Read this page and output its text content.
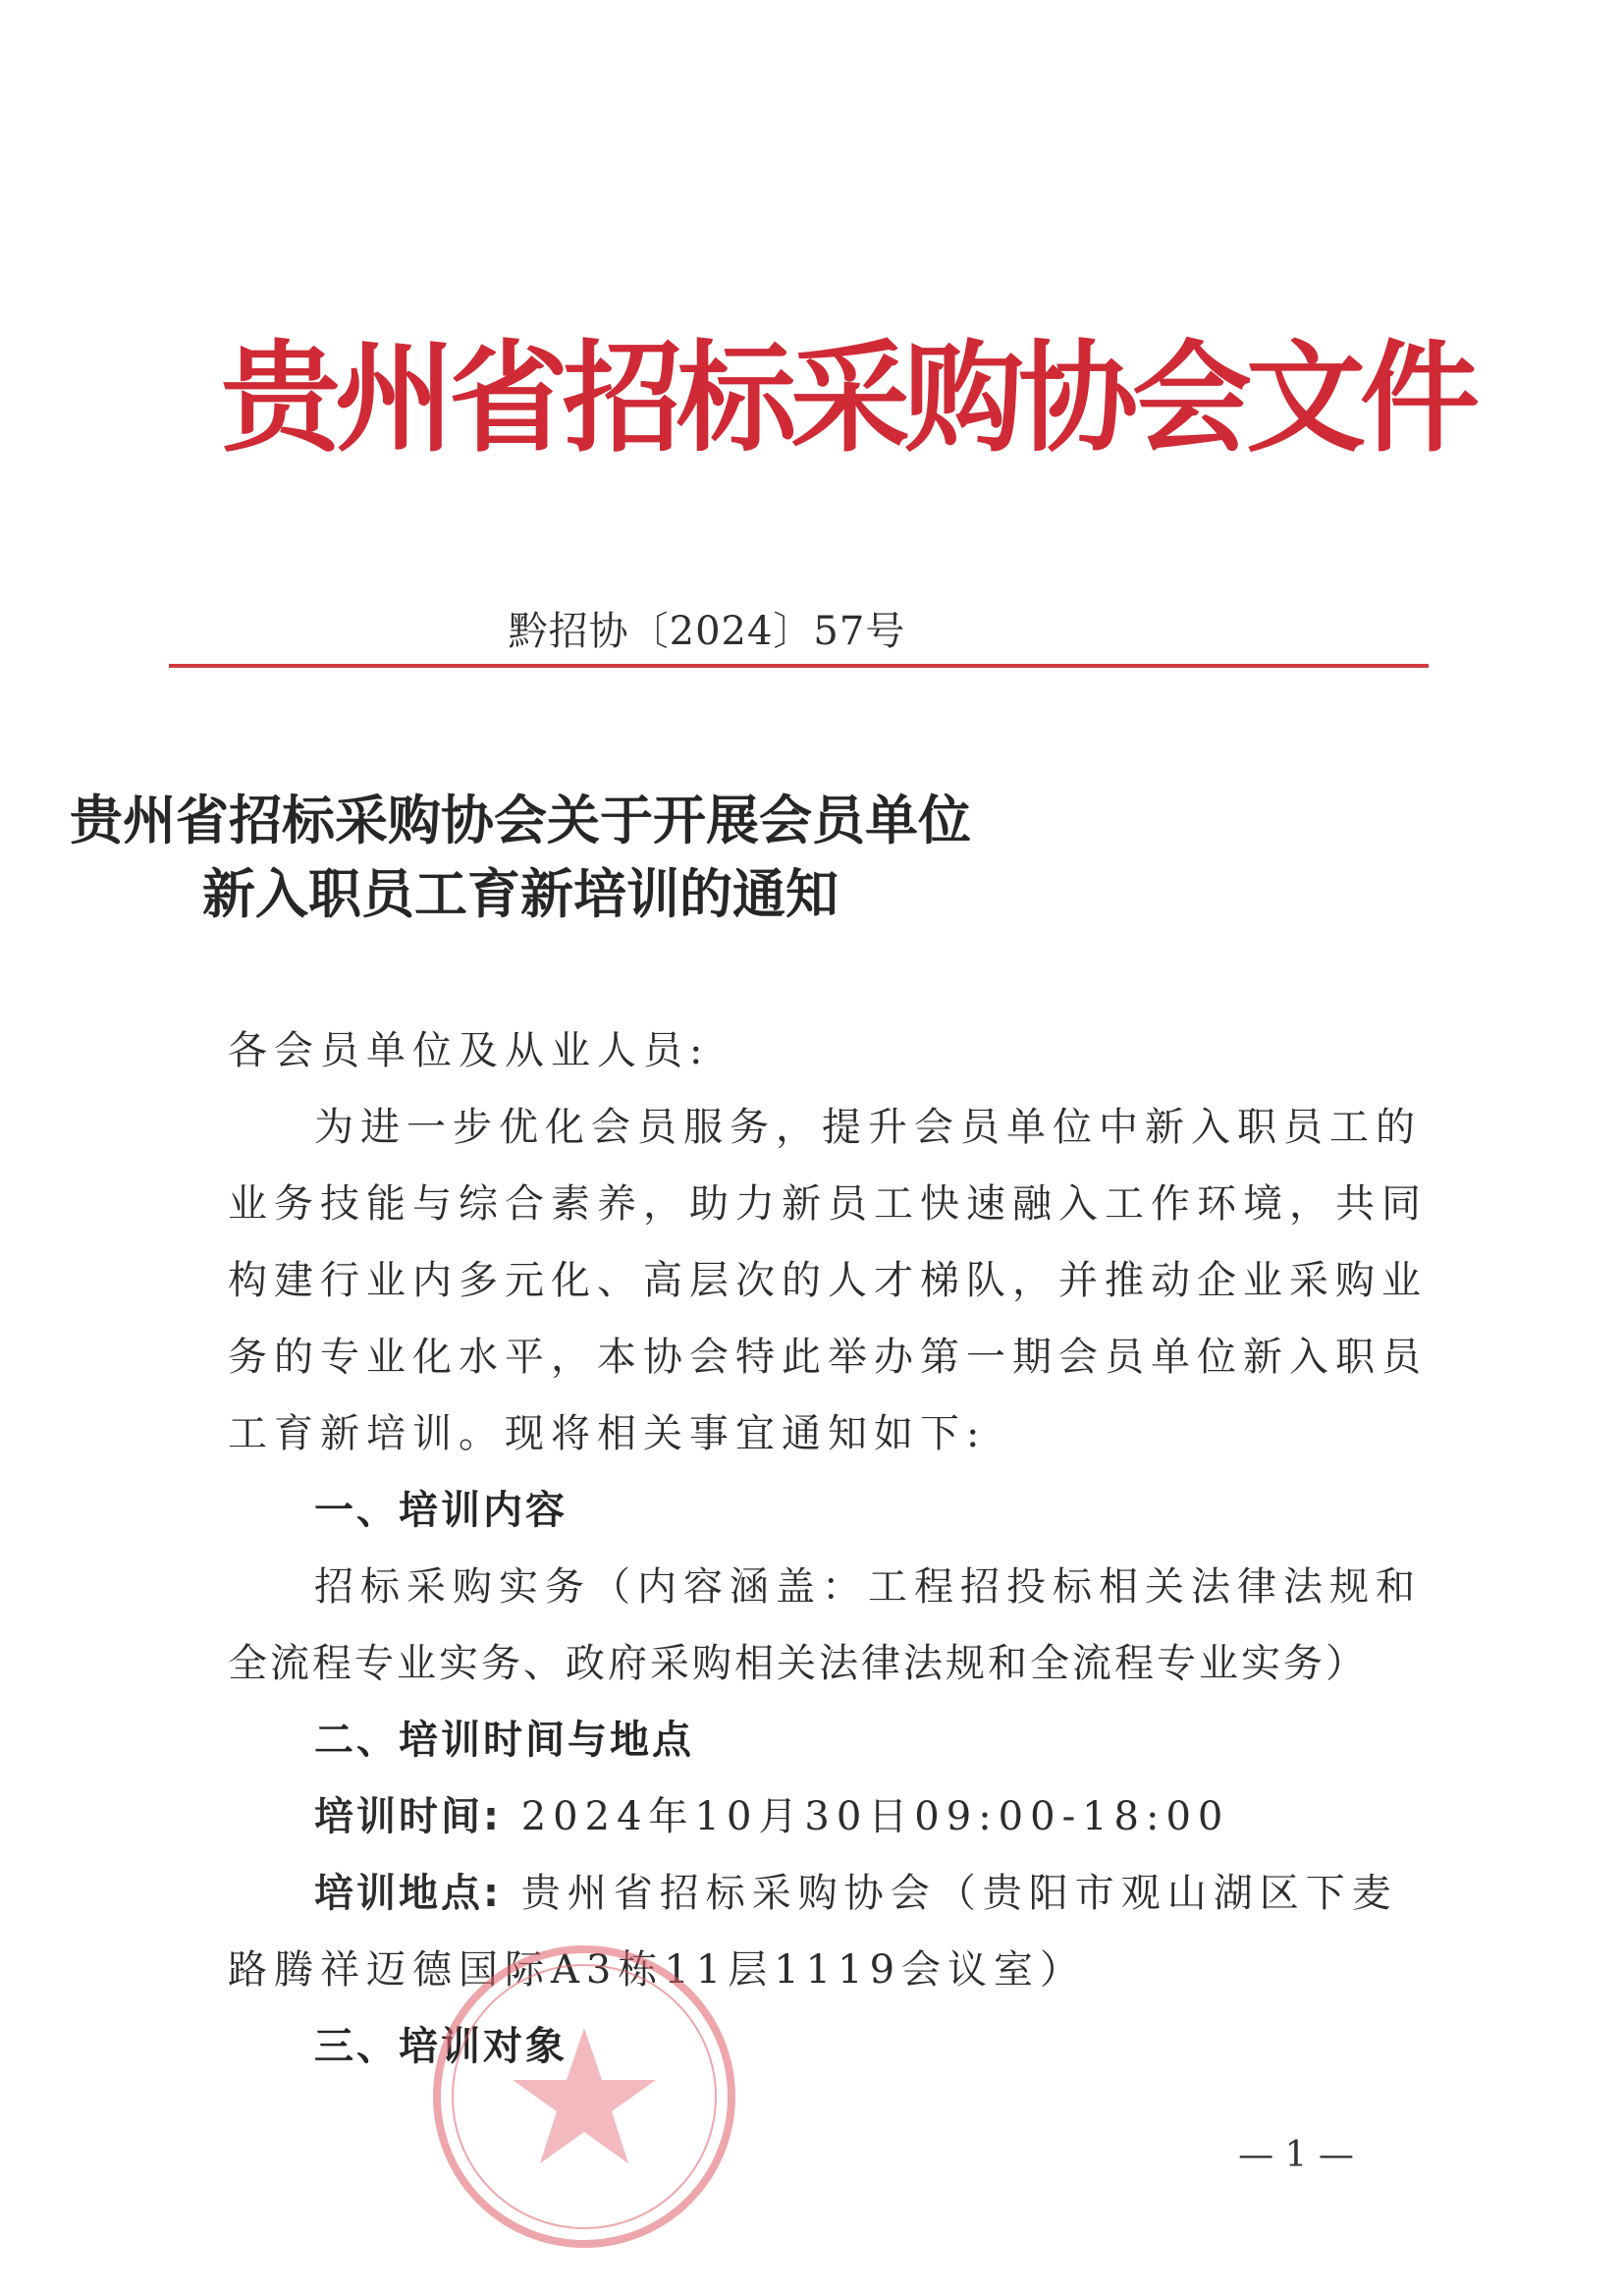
贵州省招标采购协会文件
黔招协〔2024〕57号
贵州省招标采购协会关于开展会员单位
新入职员工育新培训的通知
各会员单位及从业人员:
为进一步优化会员服务，提升会员单位中新入职员工的
业务技能与综合素养，助力新员工快速融入工作环境，共同
构建行业内多元化、高层次的人才梯队，并推动企业采购业
务的专业化水平，本协会特此举办第一期会员单位新入职员
工育新培训。现将相关事宜通知如下:
一、培训内容
招标采购实务（内容涵盖：工程招投标相关法律法规和
全流程专业实务、政府采购相关法律法规和全流程专业实务）
二、培训时间与地点
培训时间: 2024年10月30日09:00-18:00
培训地点: 贵州省招标采购协会（贵阳市观山湖区下麦
路腾祥迈德国际A3栋11层1119会议室）
三、培训对象
— 1 —
